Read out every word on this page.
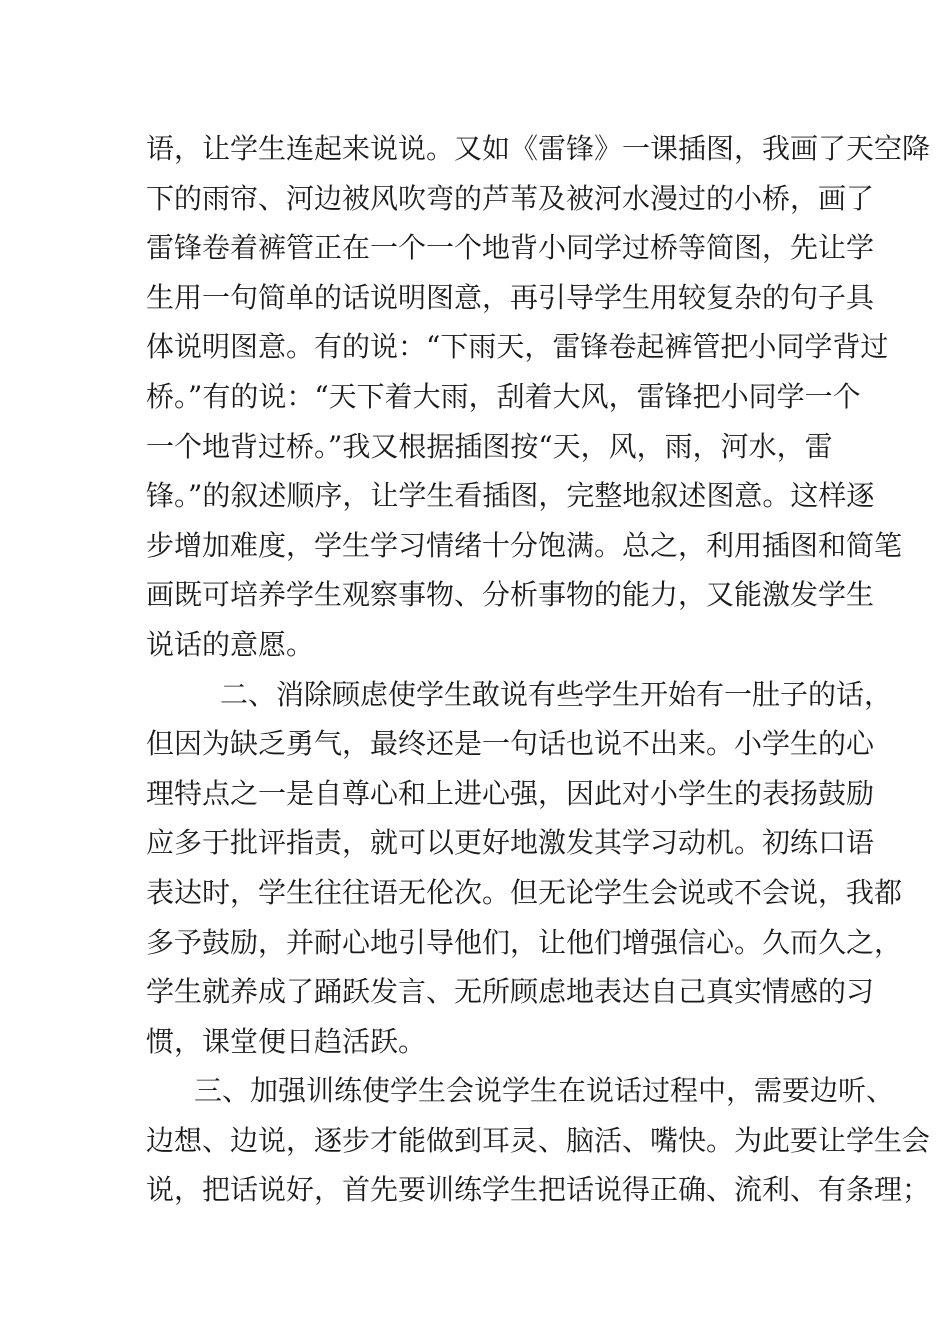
语，让学生连起来说说。又如《雷锋》一课插图，我画了天空降
下的雨帘、河边被风吹弯的芦苇及被河水漫过的小桥，画了
雷锋卷着裤管正在一个一个地背小同学过桥等简图，先让学
生用一句简单的话说明图意，再引导学生用较复杂的句子具
体说明图意。有的说：“下雨天，雷锋卷起裤管把小同学背过
桥。”有的说：“天下着大雨，刮着大风，雷锋把小同学一个
一个地背过桥。”我又根据插图按“天，风，雨，河水，雷
锋。”的叙述顺序，让学生看插图，完整地叙述图意。这样逐
步增加难度，学生学习情绪十分饱满。总之，利用插图和简笔
画既可培养学生观察事物、分析事物的能力，又能激发学生
说话的意愿。
二、消除顾虑使学生敢说有些学生开始有一肚子的话，
但因为缺乏勇气，最终还是一句话也说不出来。小学生的心
理特点之一是自尊心和上进心强，因此对小学生的表扬鼓励
应多于批评指责，就可以更好地激发其学习动机。初练口语
表达时，学生往往语无伦次。但无论学生会说或不会说，我都
多予鼓励，并耐心地引导他们，让他们增强信心。久而久之，
学生就养成了踊跃发言、无所顾虑地表达自己真实情感的习
惯，课堂便日趋活跃。
三、加强训练使学生会说学生在说话过程中，需要边听、
边想、边说，逐步才能做到耳灵、脑活、嘴快。为此要让学生会
说，把话说好，首先要训练学生把话说得正确、流利、有条理；
